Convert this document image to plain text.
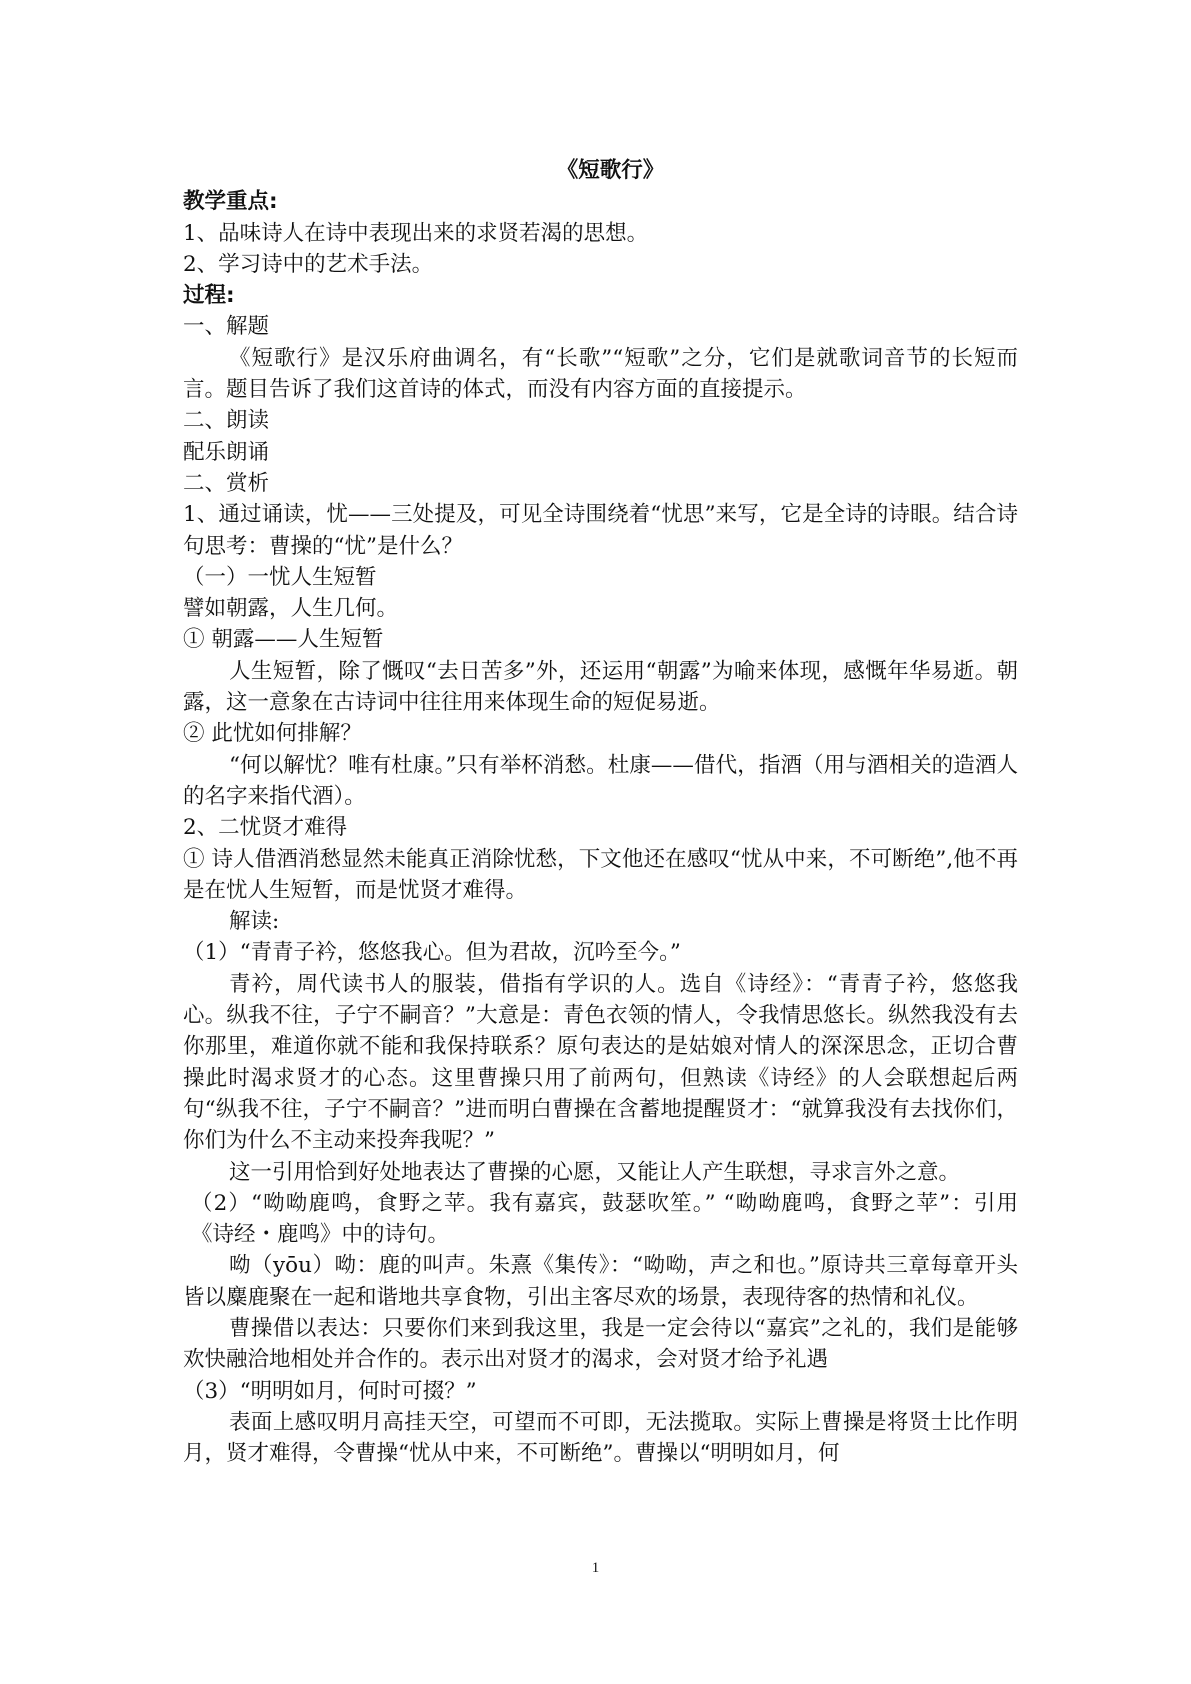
《短歌行》

教学重点:

1、品味诗人在诗中表现出来的求贤若渴的思想。

2、学习诗中的艺术手法。

过程:

一、解题

《短歌行》是汉乐府曲调名，有“长歌”“短歌”之分，它们是就歌词音节的长短而言。题目告诉了我们这首诗的体式，而没有内容方面的直接提示。

二、朗读

配乐朗诵

二、赏析

1、通过诵读，忧——三处提及，可见全诗围绕着“忧思”来写，它是全诗的诗眼。结合诗句思考：曹操的“忧”是什么？

（一）一忧人生短暂

譬如朝露，人生几何。

① 朝露——人生短暂

人生短暂，除了慨叹“去日苦多”外，还运用“朝露”为喻来体现，感慨年华易逝。朝露，这一意象在古诗词中往往用来体现生命的短促易逝。

② 此忧如何排解？

“何以解忧？唯有杜康。”只有举杯消愁。杜康——借代，指酒（用与酒相关的造酒人的名字来指代酒）。

2、二忧贤才难得

① 诗人借酒消愁显然未能真正消除忧愁，下文他还在感叹“忧从中来，不可断绝”,他不再是在忧人生短暂，而是忧贤才难得。

解读:

（1）“青青子衿，悠悠我心。但为君故，沉吟至今。”

青衿，周代读书人的服装，借指有学识的人。选自《诗经》：“青青子衿，悠悠我心。纵我不往，子宁不嗣音？”大意是：青色衣领的情人，令我情思悠长。纵然我没有去你那里，难道你就不能和我保持联系？原句表达的是姑娘对情人的深深思念，正切合曹操此时渴求贤才的心态。这里曹操只用了前两句，但熟读《诗经》的人会联想起后两句“纵我不往，子宁不嗣音？”进而明白曹操在含蓄地提醒贤才：“就算我没有去找你们，你们为什么不主动来投奔我呢？”

这一引用恰到好处地表达了曹操的心愿，又能让人产生联想，寻求言外之意。

（2）“呦呦鹿鸣，食野之苹。我有嘉宾，鼓瑟吹笙。” “呦呦鹿鸣，食野之苹”：引用《诗经・鹿鸣》中的诗句。

呦（yōu）呦：鹿的叫声。朱熹《集传》：“呦呦，声之和也。”原诗共三章每章开头皆以麋鹿聚在一起和谐地共享食物，引出主客尽欢的场景，表现待客的热情和礼仪。

曹操借以表达：只要你们来到我这里，我是一定会待以“嘉宾”之礼的，我们是能够欢快融洽地相处并合作的。表示出对贤才的渴求，会对贤才给予礼遇

（3）“明明如月，何时可掇？”

表面上感叹明月高挂天空，可望而不可即，无法揽取。实际上曹操是将贤士比作明月，贤才难得，令曹操“忧从中来，不可断绝”。曹操以“明明如月，何

1
